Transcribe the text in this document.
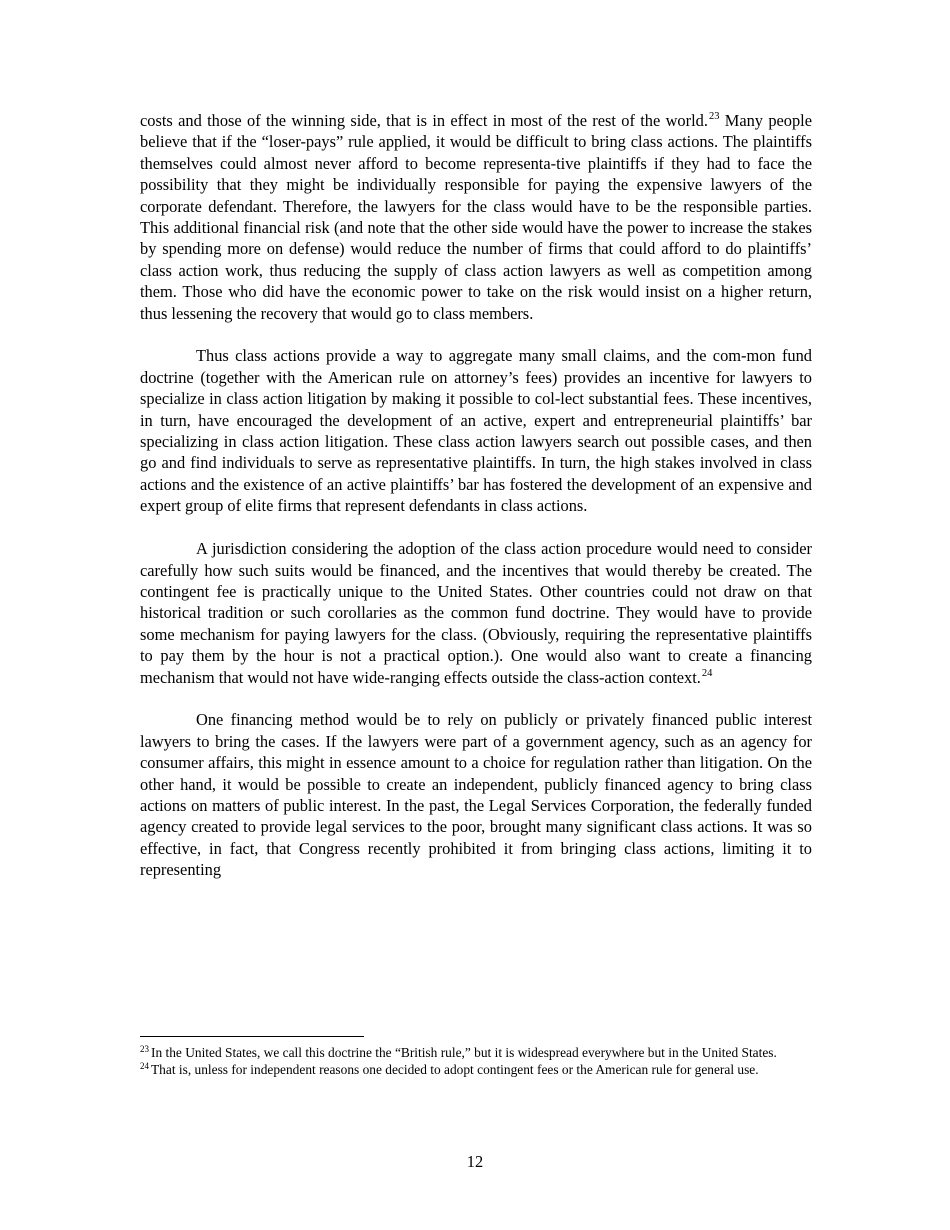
costs and those of the winning side, that is in effect in most of the rest of the world.$^{23}$ Many people believe that if the “loser-pays” rule applied, it would be difficult to bring class actions. The plaintiffs themselves could almost never afford to become representa-tive plaintiffs if they had to face the possibility that they might be individually responsible for paying the expensive lawyers of the corporate defendant. Therefore, the lawyers for the class would have to be the responsible parties. This additional financial risk (and note that the other side would have the power to increase the stakes by spending more on defense) would reduce the number of firms that could afford to do plaintiffs’ class action work, thus reducing the supply of class action lawyers as well as competition among them. Those who did have the economic power to take on the risk would insist on a higher return, thus lessening the recovery that would go to class members.

Thus class actions provide a way to aggregate many small claims, and the com-mon fund doctrine (together with the American rule on attorney’s fees) provides an incentive for lawyers to specialize in class action litigation by making it possible to col-lect substantial fees. These incentives, in turn, have encouraged the development of an active, expert and entrepreneurial plaintiffs’ bar specializing in class action litigation. These class action lawyers search out possible cases, and then go and find individuals to serve as representative plaintiffs. In turn, the high stakes involved in class actions and the existence of an active plaintiffs’ bar has fostered the development of an expensive and expert group of elite firms that represent defendants in class actions.

A jurisdiction considering the adoption of the class action procedure would need to consider carefully how such suits would be financed, and the incentives that would thereby be created. The contingent fee is practically unique to the United States. Other countries could not draw on that historical tradition or such corollaries as the common fund doctrine. They would have to provide some mechanism for paying lawyers for the class. (Obviously, requiring the representative plaintiffs to pay them by the hour is not a practical option.). One would also want to create a financing mechanism that would not have wide-ranging effects outside the class-action context.$^{24}$

One financing method would be to rely on publicly or privately financed public interest lawyers to bring the cases. If the lawyers were part of a government agency, such as an agency for consumer affairs, this might in essence amount to a choice for regulation rather than litigation. On the other hand, it would be possible to create an independent, publicly financed agency to bring class actions on matters of public interest. In the past, the Legal Services Corporation, the federally funded agency created to provide legal services to the poor, brought many significant class actions. It was so effective, in fact, that Congress recently prohibited it from bringing class actions, limiting it to representing

$^{23}$ In the United States, we call this doctrine the “British rule,” but it is widespread everywhere but in the United States.

$^{24}$ That is, unless for independent reasons one decided to adopt contingent fees or the American rule for general use.

12
